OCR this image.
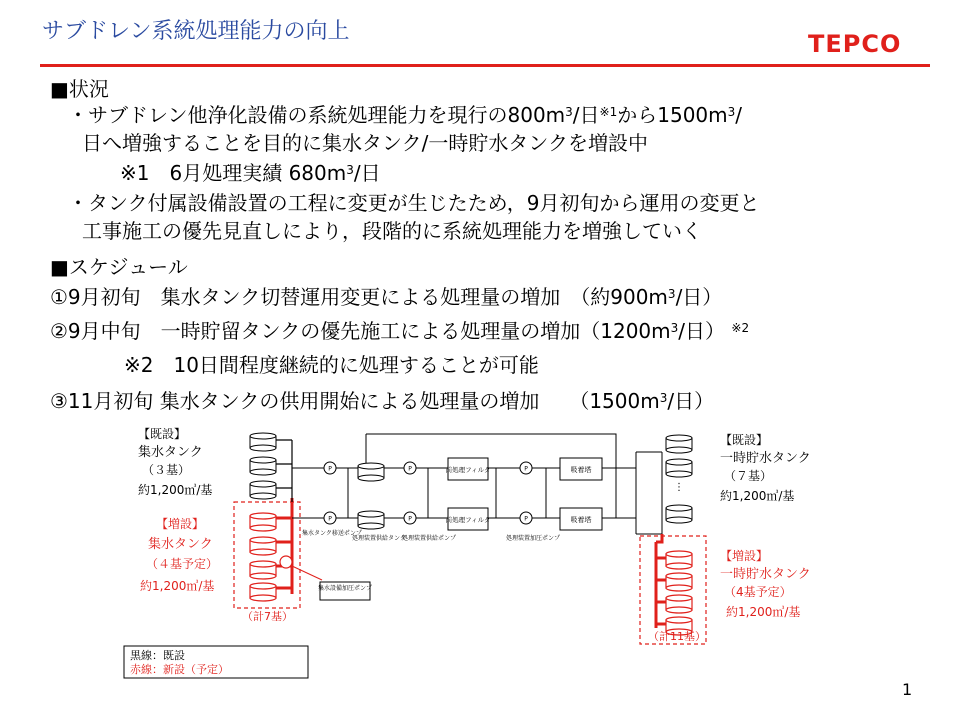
サブドレン系統処理能力の向上	TEPCO
■状況
・サブドレン他浄化設備の系統処理能力を現行の$800m^3/$日$^{※1}$から$1500m^3/$
日へ増強することを目的に集水タンク/一時貯水タンクを増設中
※1　6月処理実績 $680m^3/$日
・タンク付属設備設置の工程に変更が生じたため，9月初旬から運用の変更と
工事施工の優先見直しにより，段階的に系統処理能力を増強していく
■スケジュール
①9月初旬　集水タンク切替運用変更による処理量の増加　（約$900m^3/$日）
②9月中旬　一時貯留タンクの優先施工による処理量の増加（$1200m^3/$日） $^{※2}$
※2　10日間程度継続的に処理することが可能
③11月初旬 集水タンクの供用開始による処理量の増加　　（$1500m^3/$日）
P
集水設備加圧ポンプ
前処理フィルタ
前処理フィルタ
吸着塔
吸着塔
集水タンク移送ポンプ
処理装置供給タンク
処理装置供給ポンプ	処理装置加圧ポンプ
⋮
【既設】
集水タンク
（３基）
約1,200㎥/基
【増設】
集水タンク
（４基予定）
約1,200㎥/基
（計7基）
【既設】
一時貯水タンク
（７基）
約1,200㎥/基
【増設】
一時貯水タンク
（4基予定）
約1,200㎥/基
（計11基）
黒線：既設
赤線：新設（予定）
1
